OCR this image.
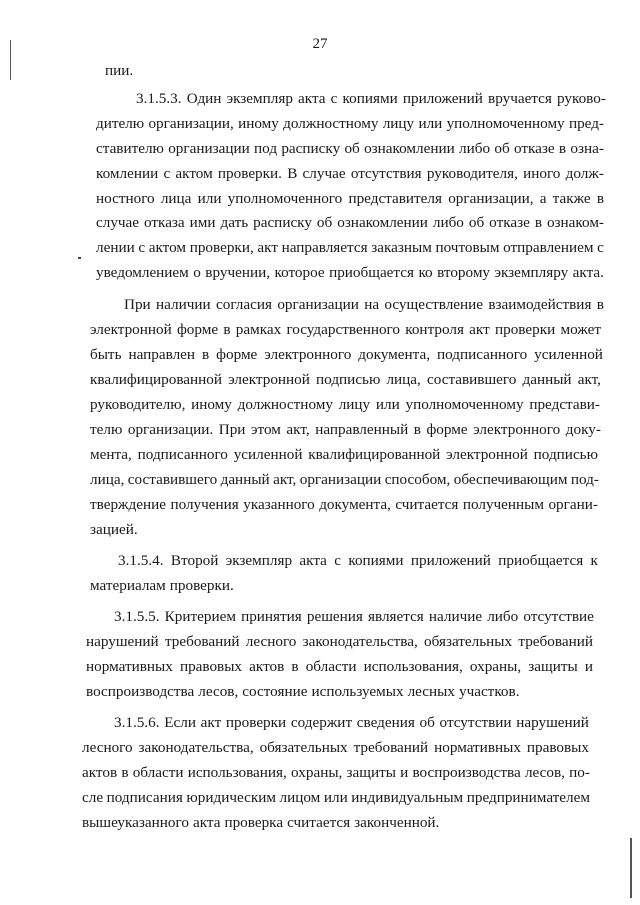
27
пии.
3.1.5.3. Один экземпляр акта с копиями приложений вручается руково-
дителю организации, иному должностному лицу или уполномоченному пред-
ставителю организации под расписку об ознакомлении либо об отказе в озна-
комлении с актом проверки. В случае отсутствия руководителя, иного долж-
ностного лица или уполномоченного представителя организации, а также в
случае отказа ими дать расписку об ознакомлении либо об отказе в ознаком-
лении с актом проверки, акт направляется заказным почтовым отправлением с
уведомлением о вручении, которое приобщается ко второму экземпляру акта.
При наличии согласия организации на осуществление взаимодействия в
электронной форме в рамках государственного контроля акт проверки может
быть направлен в форме электронного документа, подписанного усиленной
квалифицированной электронной подписью лица, составившего данный акт,
руководителю, иному должностному лицу или уполномоченному представи-
телю организации. При этом акт, направленный в форме электронного доку-
мента, подписанного усиленной квалифицированной электронной подписью
лица, составившего данный акт, организации способом, обеспечивающим под-
тверждение получения указанного документа, считается полученным органи-
зацией.
3.1.5.4. Второй экземпляр акта с копиями приложений приобщается к
материалам проверки.
3.1.5.5. Критерием принятия решения является наличие либо отсутствие
нарушений требований лесного законодательства, обязательных требований
нормативных правовых актов в области использования, охраны, защиты и
воспроизводства лесов, состояние используемых лесных участков.
3.1.5.6. Если акт проверки содержит сведения об отсутствии нарушений
лесного законодательства, обязательных требований нормативных правовых
актов в области использования, охраны, защиты и воспроизводства лесов, по-
сле подписания юридическим лицом или индивидуальным предпринимателем
вышеуказанного акта проверка считается законченной.
